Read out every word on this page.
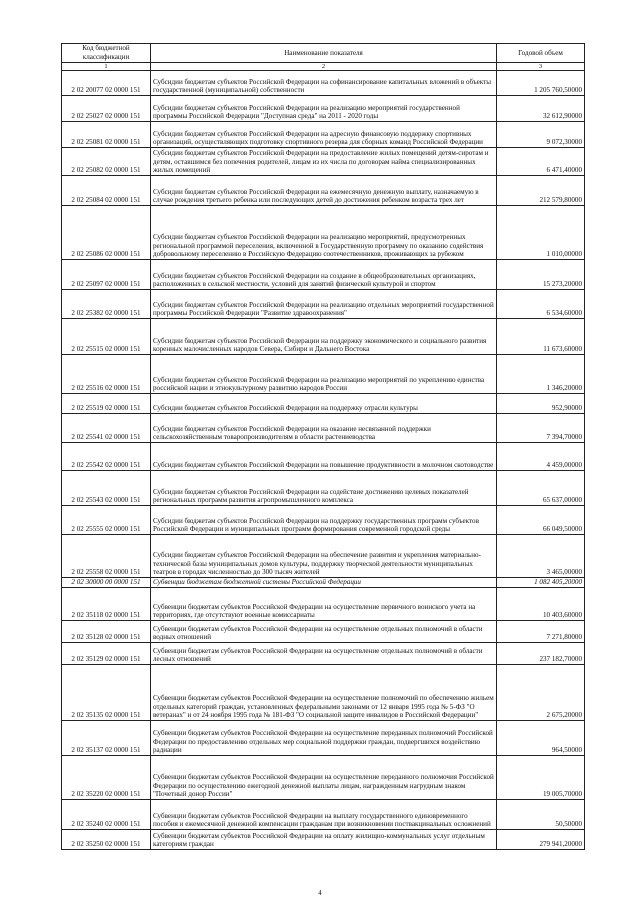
Код бюджетной
классификации	Наименование показателя	Годовой объем
1	2	3
2 02 20077 02 0000 151	Субсидии бюджетам субъектов Российской Федерации на софинансирование капитальных вложений в объекты государственной (муниципальной) собственности	1 205 760,50000
2 02 25027 02 0000 151	Субсидии бюджетам субъектов Российской Федерации на реализацию мероприятий государственной программы Российской Федерации "Доступная среда" на 2011 - 2020 годы	32 612,90000
2 02 25081 02 0000 151	Субсидии бюджетам субъектов Российской Федерации на адресную финансовую поддержку спортивных организаций, осуществляющих подготовку спортивного резерва для сборных команд Российской Федерации	9 072,30000
2 02 25082 02 0000 151	Субсидии бюджетам субъектов Российской Федерации на предоставление жилых помещений детям-сиротам и детям, оставшимся без попечения родителей, лицам из их числа по договорам найма специализированных жилых помещений	6 471,40000
2 02 25084 02 0000 151	Субсидии бюджетам субъектов Российской Федерации на ежемесячную денежную выплату, назначаемую в случае рождения третьего ребенка или последующих детей до достижения ребенком возраста трех лет	212 579,80000
2 02 25086 02 0000 151	Субсидии бюджетам субъектов Российской Федерации на реализацию мероприятий, предусмотренных региональной программой переселения, включенной в Государственную программу по оказанию содействия добровольному переселению в Российскую Федерацию соотечественников, проживающих за рубежом	1 010,00000
2 02 25097 02 0000 151	Субсидии бюджетам субъектов Российской Федерации на создание в общеобразовательных организациях, расположенных в сельской местности, условий для занятий физической культурой и спортом	15 273,20000
2 02 25382 02 0000 151	Субсидии бюджетам субъектов Российской Федерации на реализацию отдельных мероприятий государственной программы Российской Федерации "Развитие здравоохранения"	6 534,60000
2 02 25515 02 0000 151	Субсидии бюджетам субъектов Российской Федерации на поддержку экономического и социального развития коренных малочисленных народов Севера, Сибири и Дальнего Востока	11 673,60000
2 02 25516 02 0000 151	Субсидии бюджетам субъектов Российской Федерации на реализацию мероприятий по укреплению единства российской нации и этнокультурному развитию народов России	1 346,20000
2 02 25519 02 0000 151	Субсидии бюджетам субъектов Российской Федерации на поддержку отрасли культуры	952,90000
2 02 25541 02 0000 151	Субсидии бюджетам субъектов Российской Федерации на оказание несвязанной поддержки сельскохозяйственным товаропроизводителям в области растениеводства	7 394,70000
2 02 25542 02 0000 151	Субсидии бюджетам субъектов Российской Федерации на повышение продуктивности в молочном скотоводстве	4 459,00000
2 02 25543 02 0000 151	Субсидии бюджетам субъектов Российской Федерации на содействие достижению целевых показателей региональных программ развития агропромышленного комплекса	65 637,00000
2 02 25555 02 0000 151	Субсидии бюджетам субъектов Российской Федерации на поддержку государственных программ субъектов Российской Федерации и муниципальных программ формирования современной городской среды	66 049,50000
2 02 25558 02 0000 151	Субсидии бюджетам субъектов Российской Федерации на обеспечение развития и укрепления материально-технической базы муниципальных домов культуры, поддержку творческой деятельности муниципальных театров в городах численностью до 300 тысяч жителей	3 465,00000
2 02 30000 00 0000 151	Субвенции бюджетам бюджетной системы Российской Федерации	1 082 405,20000
2 02 35118 02 0000 151	Субвенции бюджетам субъектов Российской Федерации на осуществление первичного воинского учета на территориях, где отсутствуют военные комиссариаты	10 403,60000
2 02 35128 02 0000 151	Субвенции бюджетам субъектов Российской Федерации на осуществление отдельных полномочий в области водных отношений	7 271,80000
2 02 35129 02 0000 151	Субвенции бюджетам субъектов Российской Федерации на осуществление отдельных полномочий в области лесных отношений	237 182,70000
2 02 35135 02 0000 151	Субвенции бюджетам субъектов Российской Федерации на осуществление полномочий по обеспечению жильем отдельных категорий граждан, установленных федеральными законами от 12 января 1995 года № 5-ФЗ "О ветеранах" и от 24 ноября 1995 года № 181-ФЗ "О социальной защите инвалидов в Российской Федерации"	2 675,20000
2 02 35137 02 0000 151	Субвенции бюджетам субъектов Российской Федерации на осуществление переданных полномочий Российской Федерации по предоставлению отдельных мер социальной поддержки граждан, подвергшихся воздействию радиации	964,50000
2 02 35220 02 0000 151	Субвенции бюджетам субъектов Российской Федерации на осуществление переданного полномочия Российской Федерации по осуществлению ежегодной денежной выплаты лицам, награжденным нагрудным знаком "Почетный донор России"	19 005,70000
2 02 35240 02 0000 151	Субвенции бюджетам субъектов Российской Федерации на выплату государственного единовременного пособия и ежемесячной денежной компенсации гражданам при возникновении поствакцинальных осложнений	50,50000
2 02 35250 02 0000 151	Субвенции бюджетам субъектов Российской Федерации на оплату жилищно-коммунальных услуг отдельным категориям граждан	279 941,20000
4
